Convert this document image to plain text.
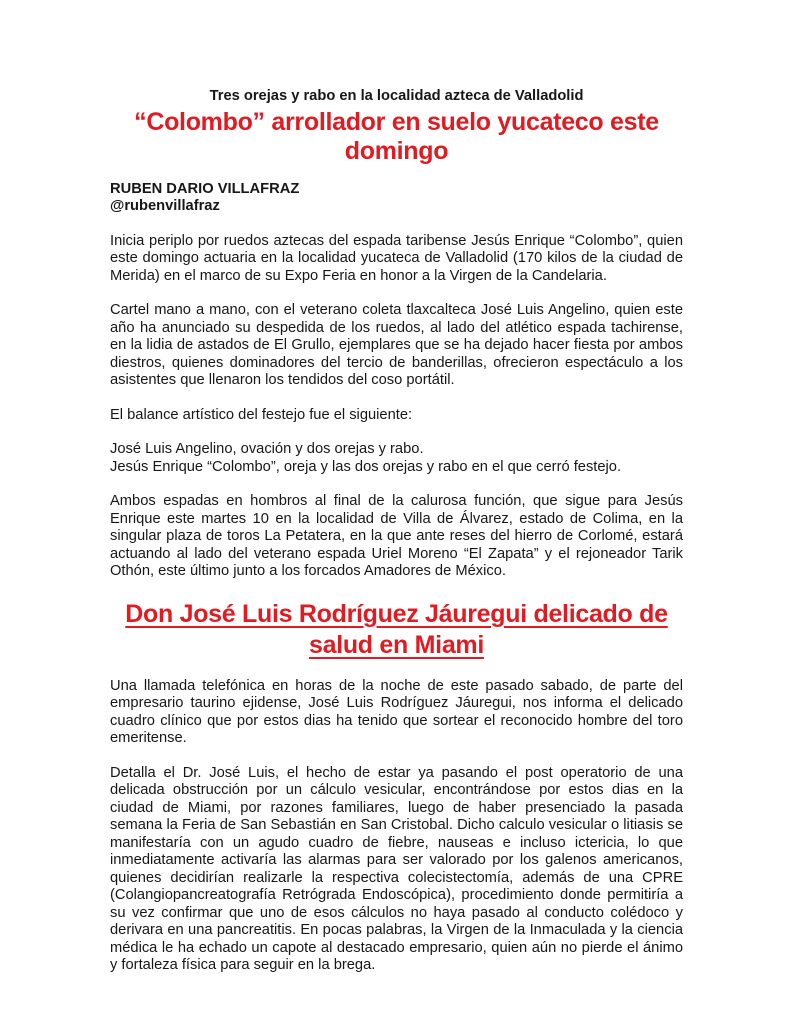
Tres orejas y rabo en la localidad azteca de Valladolid

“Colombo” arrollador en suelo yucateco este domingo
RUBEN DARIO VILLAFRAZ
@rubenvillafraz

Inicia periplo por ruedos aztecas del espada taribense Jesús Enrique “Colombo”, quien este domingo actuaria en la localidad yucateca de Valladolid (170 kilos de la ciudad de Merida) en el marco de su Expo Feria en honor a la Virgen de la Candelaria.

Cartel mano a mano, con el veterano coleta tlaxcalteca José Luis Angelino, quien este año ha anunciado su despedida de los ruedos, al lado del atlético espada tachirense, en la lidia de astados de El Grullo, ejemplares que se ha dejado hacer fiesta por ambos diestros, quienes dominadores del tercio de banderillas, ofrecieron espectáculo a los asistentes que llenaron los tendidos del coso portátil.

El balance artístico del festejo fue el siguiente:

José Luis Angelino, ovación y dos orejas y rabo.
Jesús Enrique “Colombo”, oreja y las dos orejas y rabo en el que cerró festejo.

Ambos espadas en hombros al final de la calurosa función, que sigue para Jesús Enrique este martes 10 en la localidad de Villa de Álvarez, estado de Colima, en la singular plaza de toros La Petatera, en la que ante reses del hierro de Corlomé, estará actuando al lado del veterano espada Uriel Moreno “El Zapata” y el rejoneador Tarik Othón, este último junto a los forcados Amadores de México.

Don José Luis Rodríguez Jáuregui delicado de salud en Miami

Una llamada telefónica en horas de la noche de este pasado sabado, de parte del empresario taurino ejidense, José Luis Rodríguez Jáuregui, nos informa el delicado cuadro clínico que por estos dias ha tenido que sortear el reconocido hombre del toro emeritense.

Detalla el Dr. José Luis, el hecho de estar ya pasando el post operatorio de una delicada obstrucción por un cálculo vesicular, encontrándose por estos dias en la ciudad de Miami, por razones familiares, luego de haber presenciado la pasada semana la Feria de San Sebastián en San Cristobal. Dicho calculo vesicular o litiasis se manifestaría con un agudo cuadro de fiebre, nauseas e incluso ictericia, lo que inmediatamente activaría las alarmas para ser valorado por los galenos americanos, quienes decidirían realizarle la respectiva colecistectomía, además de una CPRE (Colangiopancreatografía Retrógrada Endoscópica), procedimiento donde permitiría a su vez confirmar que uno de esos cálculos no haya pasado al conducto colédoco y derivara en una pancreatitis. En pocas palabras, la Virgen de la Inmaculada y la ciencia médica le ha echado un capote al destacado empresario, quien aún no pierde el ánimo y fortaleza física para seguir en la brega.
